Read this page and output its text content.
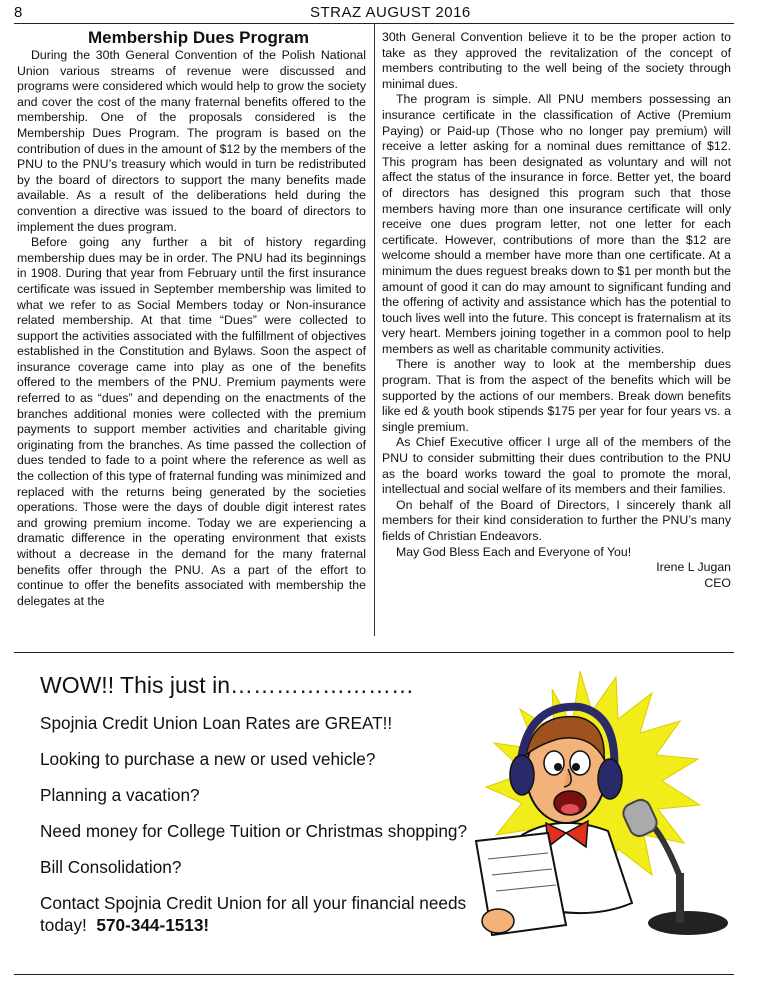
8	STRAZ AUGUST 2016

Membership Dues Program

During the 30th General Convention of the Polish National Union various streams of revenue were discussed and programs were considered which would help to grow the society and cover the cost of the many fraternal benefits offered to the membership. One of the proposals considered is the Membership Dues Program. The program is based on the contribution of dues in the amount of $12 by the members of the PNU to the PNU’s treasury which would in turn be redistributed by the board of directors to support the many benefits made available. As a result of the deliberations held during the convention a directive was issued to the board of directors to implement the dues program.

Before going any further a bit of history regarding membership dues may be in order. The PNU had its beginnings in 1908. During that year from February until the first insurance certificate was issued in September membership was limited to what we refer to as Social Members today or Non-insurance related membership. At that time “Dues” were collected to support the activities associated with the fulfillment of objectives established in the Constitution and Bylaws. Soon the aspect of insurance coverage came into play as one of the benefits offered to the members of the PNU. Premium payments were referred to as “dues” and depending on the enactments of the branches additional monies were collected with the premium payments to support member activities and charitable giving originating from the branches. As time passed the collection of dues tended to fade to a point where the reference as well as the collection of this type of fraternal funding was minimized and replaced with the returns being generated by the societies operations. Those were the days of double digit interest rates and growing premium income. Today we are experiencing a dramatic difference in the operating environment that exists without a decrease in the demand for the many fraternal benefits offer through the PNU. As a part of the effort to continue to offer the benefits associated with membership the delegates at the

30th General Convention believe it to be the proper action to take as they approved the revitalization of the concept of members contributing to the well being of the society through minimal dues.

The program is simple. All PNU members possessing an insurance certificate in the classification of Active (Premium Paying) or Paid-up (Those who no longer pay premium) will receive a letter asking for a nominal dues remittance of $12. This program has been designated as voluntary and will not affect the status of the insurance in force. Better yet, the board of directors has designed this program such that those members having more than one insurance certificate will only receive one dues program letter, not one letter for each certificate. However, contributions of more than the $12 are welcome should a member have more than one certificate. At a minimum the dues reguest breaks down to $1 per month but the amount of good it can do may amount to significant funding and the offering of activity and assistance which has the potential to touch lives well into the future. This concept is fraternalism at its very heart. Members joining together in a common pool to help members as well as charitable community activities.

There is another way to look at the membership dues program. That is from the aspect of the benefits which will be supported by the actions of our members. Break down benefits like ed & youth book stipends $175 per year for four years vs. a single premium.

As Chief Executive officer I urge all of the members of the PNU to consider submitting their dues contribution to the PNU as the board works toward the goal to promote the moral, intellectual and social welfare of its members and their families.

On behalf of the Board of Directors, I sincerely thank all members for their kind consideration to further the PNU’s many fields of Christian Endeavors.

May God Bless Each and Everyone of You!

Irene L Jugan

CEO

WOW!! This just in……………………
Spojnia Credit Union Loan Rates are GREAT!!
Looking to purchase a new or used vehicle?
Planning a vacation?
Need money for College Tuition or Christmas shopping?
Bill Consolidation?
Contact Spojnia Credit Union for all your financial needs today! 570-344-1513!
